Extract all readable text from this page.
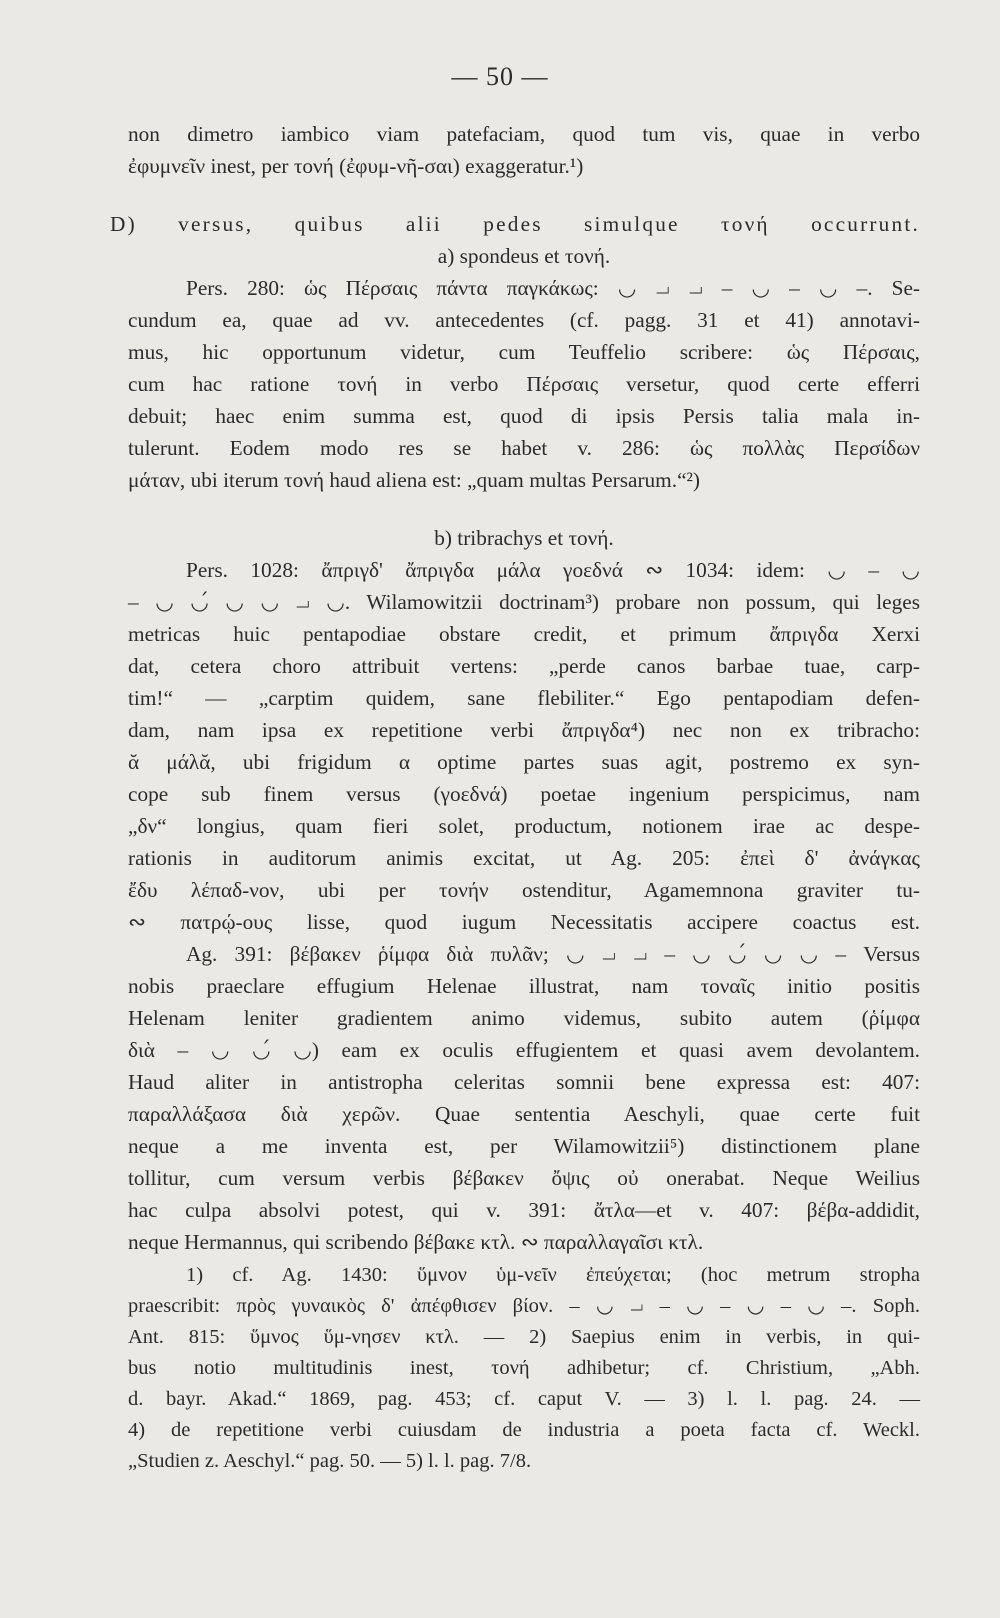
— 50 —
non dimetro iambico viam patefaciam, quod tum vis, quae in verbo
ἐφυμνεῖν inest, per τονή (ἐφυμ-νῆ-σαι) exaggeratur.¹)
D) versus, quibus alii pedes simulque τονή occurrunt.
a) spondeus et τονή.
Pers. 280: ὡς Πέρσαις πάντα παγκάκως: ◡ ⏗ ⏗ – ◡ – ◡ –. Se-
cundum ea, quae ad vv. antecedentes (cf. pagg. 31 et 41) annotavi-
mus, hic opportunum videtur, cum Teuffelio scribere: ὡς Πέρσαις,
cum hac ratione τονή in verbo Πέρσαις versetur, quod certe efferri
debuit; haec enim summa est, quod di ipsis Persis talia mala in-
tulerunt. Eodem modo res se habet v. 286: ὡς πολλὰς Περσίδων
μάταν, ubi iterum τονή haud aliena est: „quam multas Persarum.“²)
b) tribrachys et τονή.
Pers. 1028: ἄπριγδ' ἄπριγδα μάλα γοεδνά ∾ 1034: idem: ◡ – ◡
– ◡ ◡́ ◡ ◡ ⏗ ◡. Wilamowitzii doctrinam³) probare non possum, qui leges
metricas huic pentapodiae obstare credit, et primum ἄπριγδα Xerxi
dat, cetera choro attribuit vertens: „perde canos barbae tuae, carp-
tim!“ — „carptim quidem, sane flebiliter.“ Ego pentapodiam defen-
dam, nam ipsa ex repetitione verbi ἄπριγδα⁴) nec non ex tribracho:
ᾰ μάλᾰ, ubi frigidum α optime partes suas agit, postremo ex syn-
cope sub finem versus (γοεδνά) poetae ingenium perspicimus, nam
„δν“ longius, quam fieri solet, productum, notionem irae ac despe-
rationis in auditorum animis excitat, ut Ag. 205: ἐπεὶ δ' ἀνάγκας
ἔδυ λέπαδ-νον, ubi per τονήν ostenditur, Agamemnona graviter tu-
∾ πατρῴ-ους lisse, quod iugum Necessitatis accipere coactus est.
Ag. 391: βέβακεν ῥίμφα διὰ πυλᾶν; ◡ ⏗ ⏗ – ◡ ◡́ ◡ ◡ – Versus
nobis praeclare effugium Helenae illustrat, nam τοναῖς initio positis
Helenam leniter gradientem animo videmus, subito autem (ῥίμφα
διὰ – ◡ ◡́ ◡) eam ex oculis effugientem et quasi avem devolantem.
Haud aliter in antistropha celeritas somnii bene expressa est: 407:
παραλλάξασα διὰ χερῶν. Quae sententia Aeschyli, quae certe fuit
neque a me inventa est, per Wilamowitzii⁵) distinctionem plane
tollitur, cum versum verbis βέβακεν ὄψις οὐ onerabat. Neque Weilius
hac culpa absolvi potest, qui v. 391: ἄτλα—et v. 407: βέβα-addidit,
neque Hermannus, qui scribendo βέβακε κτλ. ∾ παραλλαγαῖσι κτλ.
1) cf. Ag. 1430: ὕμνον ὑμ-νεῖν ἐπεύχεται; (hoc metrum stropha
praescribit: πρὸς γυναικὸς δ' ἀπέφθισεν βίον. – ◡ ⏗ – ◡ – ◡ – ◡ –. Soph.
Ant. 815: ὕμνος ὕμ-νησεν κτλ. — 2) Saepius enim in verbis, in qui-
bus notio multitudinis inest, τονή adhibetur; cf. Christium, „Abh.
d. bayr. Akad.“ 1869, pag. 453; cf. caput V. — 3) l. l. pag. 24. —
4) de repetitione verbi cuiusdam de industria a poeta facta cf. Weckl.
„Studien z. Aeschyl.“ pag. 50. — 5) l. l. pag. 7/8.
